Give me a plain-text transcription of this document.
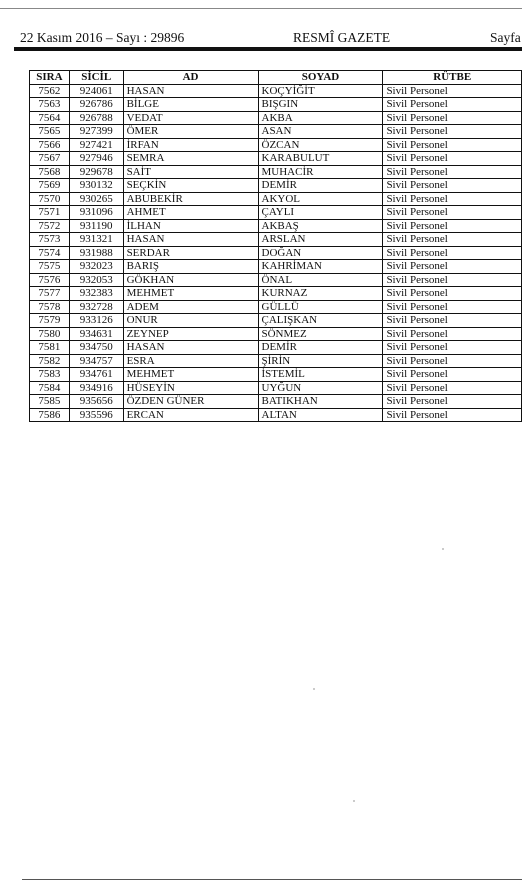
22 Kasım 2016 – Sayı : 29896	RESMÎ GAZETE	Sayfa
SIRA	SİCİL	AD	SOYAD	RÜTBE
7562	924061	HASAN	KOÇYİĞİT	Sivil Personel
7563	926786	BİLGE	BIŞGIN	Sivil Personel
7564	926788	VEDAT	AKBA	Sivil Personel
7565	927399	ÖMER	ASAN	Sivil Personel
7566	927421	İRFAN	ÖZCAN	Sivil Personel
7567	927946	SEMRA	KARABULUT	Sivil Personel
7568	929678	SAİT	MUHACİR	Sivil Personel
7569	930132	SEÇKİN	DEMİR	Sivil Personel
7570	930265	ABUBEKİR	AKYOL	Sivil Personel
7571	931096	AHMET	ÇAYLI	Sivil Personel
7572	931190	İLHAN	AKBAŞ	Sivil Personel
7573	931321	HASAN	ARSLAN	Sivil Personel
7574	931988	SERDAR	DOĞAN	Sivil Personel
7575	932023	BARIŞ	KAHRİMAN	Sivil Personel
7576	932053	GÖKHAN	ÖNAL	Sivil Personel
7577	932383	MEHMET	KURNAZ	Sivil Personel
7578	932728	ADEM	GÜLLÜ	Sivil Personel
7579	933126	ONUR	ÇALIŞKAN	Sivil Personel
7580	934631	ZEYNEP	SÖNMEZ	Sivil Personel
7581	934750	HASAN	DEMİR	Sivil Personel
7582	934757	ESRA	ŞİRİN	Sivil Personel
7583	934761	MEHMET	İSTEMİL	Sivil Personel
7584	934916	HÜSEYİN	UYĞUN	Sivil Personel
7585	935656	ÖZDEN GÜNER	BATIKHAN	Sivil Personel
7586	935596	ERCAN	ALTAN	Sivil Personel
